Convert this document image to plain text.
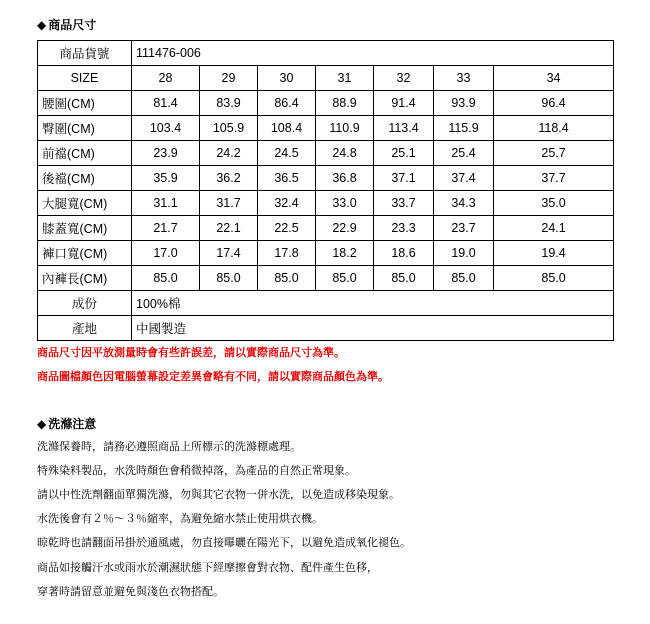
◆ 商品尺寸
商品貨號	111476-006						
SIZE	28	29	30	31	32	33	34
腰圍(CM)	81.4	83.9	86.4	88.9	91.4	93.9	96.4
臀圍(CM)	103.4	105.9	108.4	110.9	113.4	115.9	118.4
前襠(CM)	23.9	24.2	24.5	24.8	25.1	25.4	25.7
後襠(CM)	35.9	36.2	36.5	36.8	37.1	37.4	37.7
大腿寬(CM)	31.1	31.7	32.4	33.0	33.7	34.3	35.0
膝蓋寬(CM)	21.7	22.1	22.5	22.9	23.3	23.7	24.1
褲口寬(CM)	17.0	17.4	17.8	18.2	18.6	19.0	19.4
內褲長(CM)	85.0	85.0	85.0	85.0	85.0	85.0	85.0
成份	100%棉						
產地	中國製造						
商品尺寸因平放測量時會有些許誤差，請以實際商品尺寸為準。
商品圖檔顏色因電腦螢幕設定差異會略有不同，請以實際商品顏色為準。
◆ 洗滌注意
洗滌保養時，請務必遵照商品上所標示的洗滌標處理。
特殊染料製品，水洗時顏色會稍微掉落，為產品的自然正常現象。
請以中性洗劑翻面單獨洗滌，勿與其它衣物一併水洗，以免造成移染現象。
水洗後會有２％～３％縮率，為避免縮水禁止使用烘衣機。
晾乾時也請翻面吊掛於通風處，勿直接曝曬在陽光下，以避免造成氧化褪色。
商品如接觸汗水或雨水於潮濕狀態下經摩擦會對衣物、配件產生色移，
穿著時請留意並避免與淺色衣物搭配。
